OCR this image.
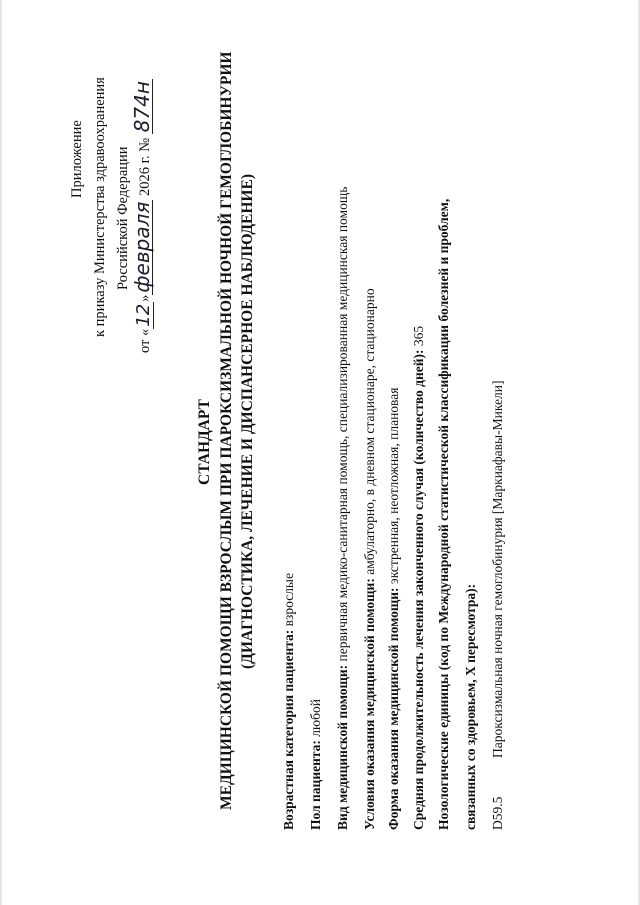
Приложение к приказу Министерства здравоохранения Российской Федерации
от «12»февраля 2026 г. № 874н
СТАНДАРТ МЕДИЦИНСКОЙ ПОМОЩИ ВЗРОСЛЫМ ПРИ ПАРОКСИЗМАЛЬНОЙ НОЧНОЙ ГЕМОГЛОБИНУРИИ (ДИАГНОСТИКА, ЛЕЧЕНИЕ И ДИСПАНСЕРНОЕ НАБЛЮДЕНИЕ)
Возрастная категория пациента: взрослые
Пол пациента: любой Вид медицинской помощи: первичная медико-санитарная помощь, специализированная медицинская помощь
Условия оказания медицинской помощи: амбулаторно, в дневном стационаре, стационарно
Форма оказания медицинской помощи: экстренная, неотложная, плановая Средняя продолжительность лечения законченного случая (количество дней): 365 Нозологические единицы (код по Международной статистической классификации болезней и проблем, связанных со здоровьем, X пересмотра): D59.5Пароксизмальная ночная гемоглобинурия [Маркиафавы-Микели]
